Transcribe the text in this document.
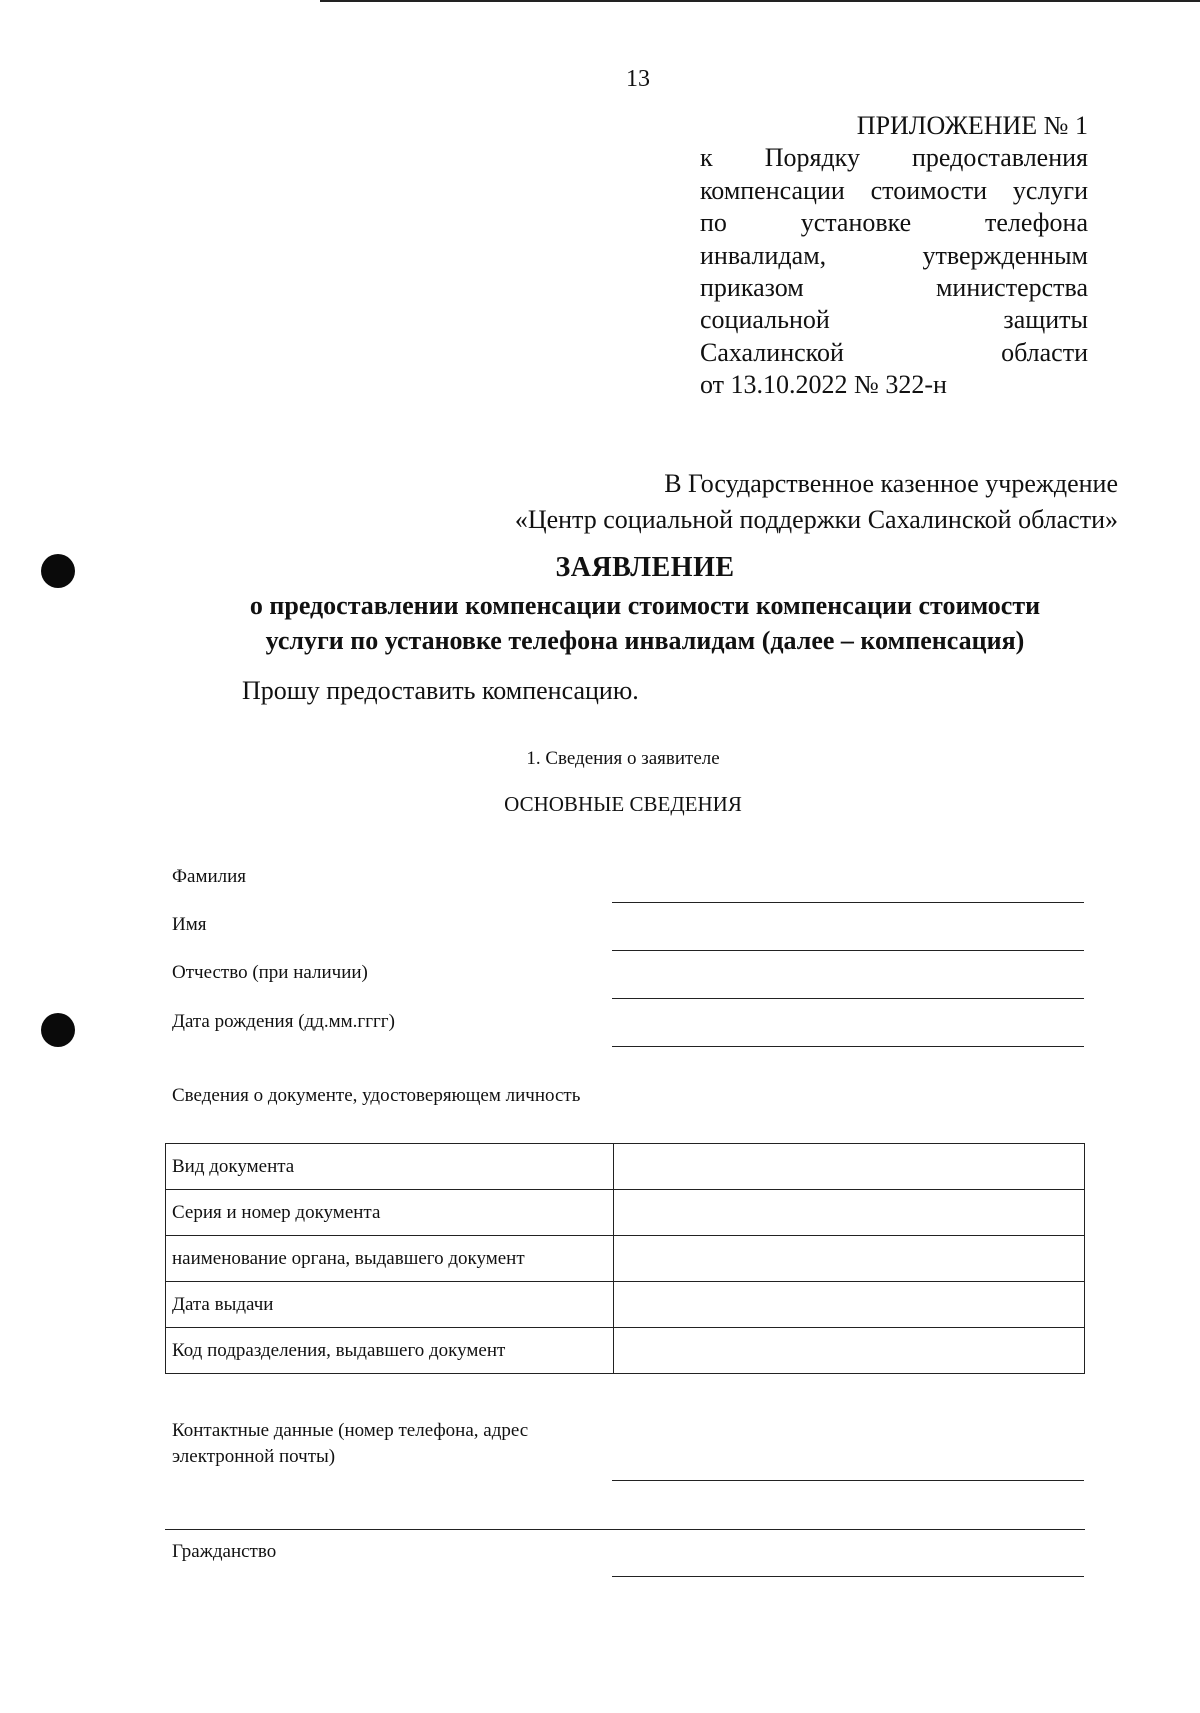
13
ПРИЛОЖЕНИЕ № 1
к Порядку предоставления
компенсации стоимости услуги
по установке телефона
инвалидам, утвержденным
приказом министерства
социальной защиты
Сахалинской области
от 13.10.2022 № 322-н
В Государственное казенное учреждение
«Центр социальной поддержки Сахалинской области»
ЗАЯВЛЕНИЕ
о предоставлении компенсации стоимости компенсации стоимости
услуги по установке телефона инвалидам (далее – компенсация)
Прошу предоставить компенсацию.
1. Сведения о заявителе
ОСНОВНЫЕ СВЕДЕНИЯ
Фамилия
Имя
Отчество (при наличии)
Дата рождения (дд.мм.гггг)
Сведения о документе, удостоверяющем личность
Вид документа	
Серия и номер документа	
наименование органа, выдавшего документ	
Дата выдачи	
Код подразделения, выдавшего документ	
Контактные данные (номер телефона, адрес электронной почты)
Гражданство
